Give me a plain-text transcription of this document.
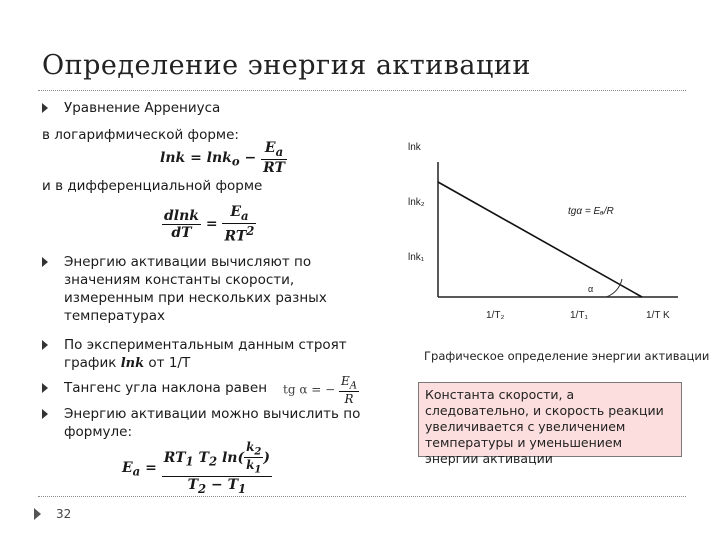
Определение энергия активации
Уравнение Аррениуса
в логарифмической форме:
$\ln k = \ln k_o - \frac{E_a}{RT}$
и в дифференциальной форме
$\frac{dlnk}{dT} = \frac{E_a}{RT^2}$
Энергию активации вычисляют по
значениям константы скорости,
измеренным при нескольких разных
температурах
По экспериментальным данным строят
график lnk от 1/Т
Тангенс угла наклона равен tg α = − $\frac{E_A}{R}$
Энергию активации можно вычислить по
формуле:
$E_a = \frac{RT_1 T_2 \ln( \frac{k_2}{k_1} )}{T_2 - T_1}$
lnk
lnk₂
lnk₁
1/T₂	1/T₁	1/T K
tgα = Eₐ/R
α
Графическое определение энергии активации
Константа скорости, а следовательно, и скорость реакции увеличивается с увеличением температуры и уменьшением энергии активации
32
